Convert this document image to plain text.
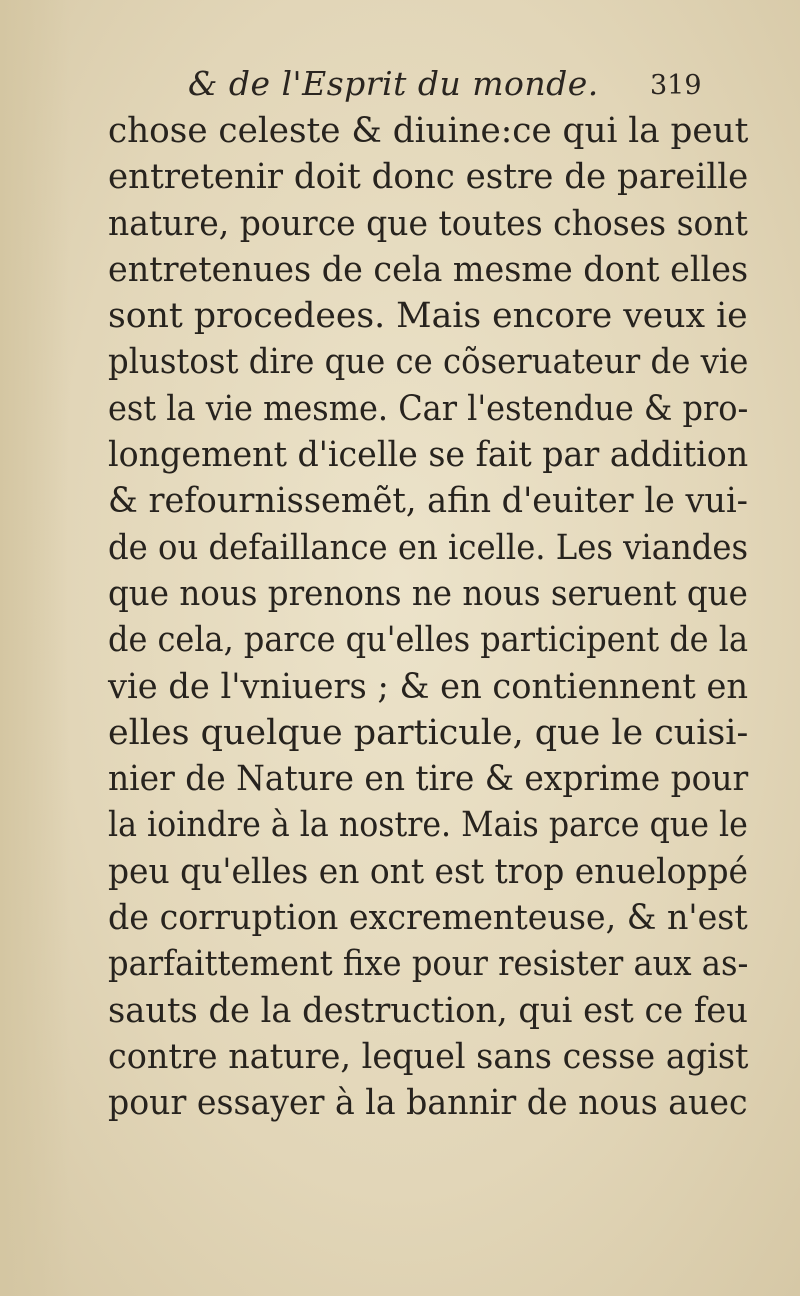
& de l'Esprit du monde. 319
chose celeste & diuine:ce qui la peut
entretenir doit donc estre de pareille
nature, pource que toutes choses sont
entretenues de cela mesme dont elles
sont procedees. Mais encore veux ie
plustost dire que ce cõseruateur de vie
est la vie mesme. Car l'estendue & pro-
longement d'icelle se fait par addition
& refournissemẽt, afin d'euiter le vui-
de ou defaillance en icelle. Les viandes
que nous prenons ne nous seruent que
de cela, parce qu'elles participent de la
vie de l'vniuers ; & en contiennent en
elles quelque particule, que le cuisi-
nier de Nature en tire & exprime pour
la ioindre à la nostre. Mais parce que le
peu qu'elles en ont est trop enueloppé
de corruption excrementeuse, & n'est
parfaittement fixe pour resister aux as-
sauts de la destruction, qui est ce feu
contre nature, lequel sans cesse agist
pour essayer à la bannir de nous auec
